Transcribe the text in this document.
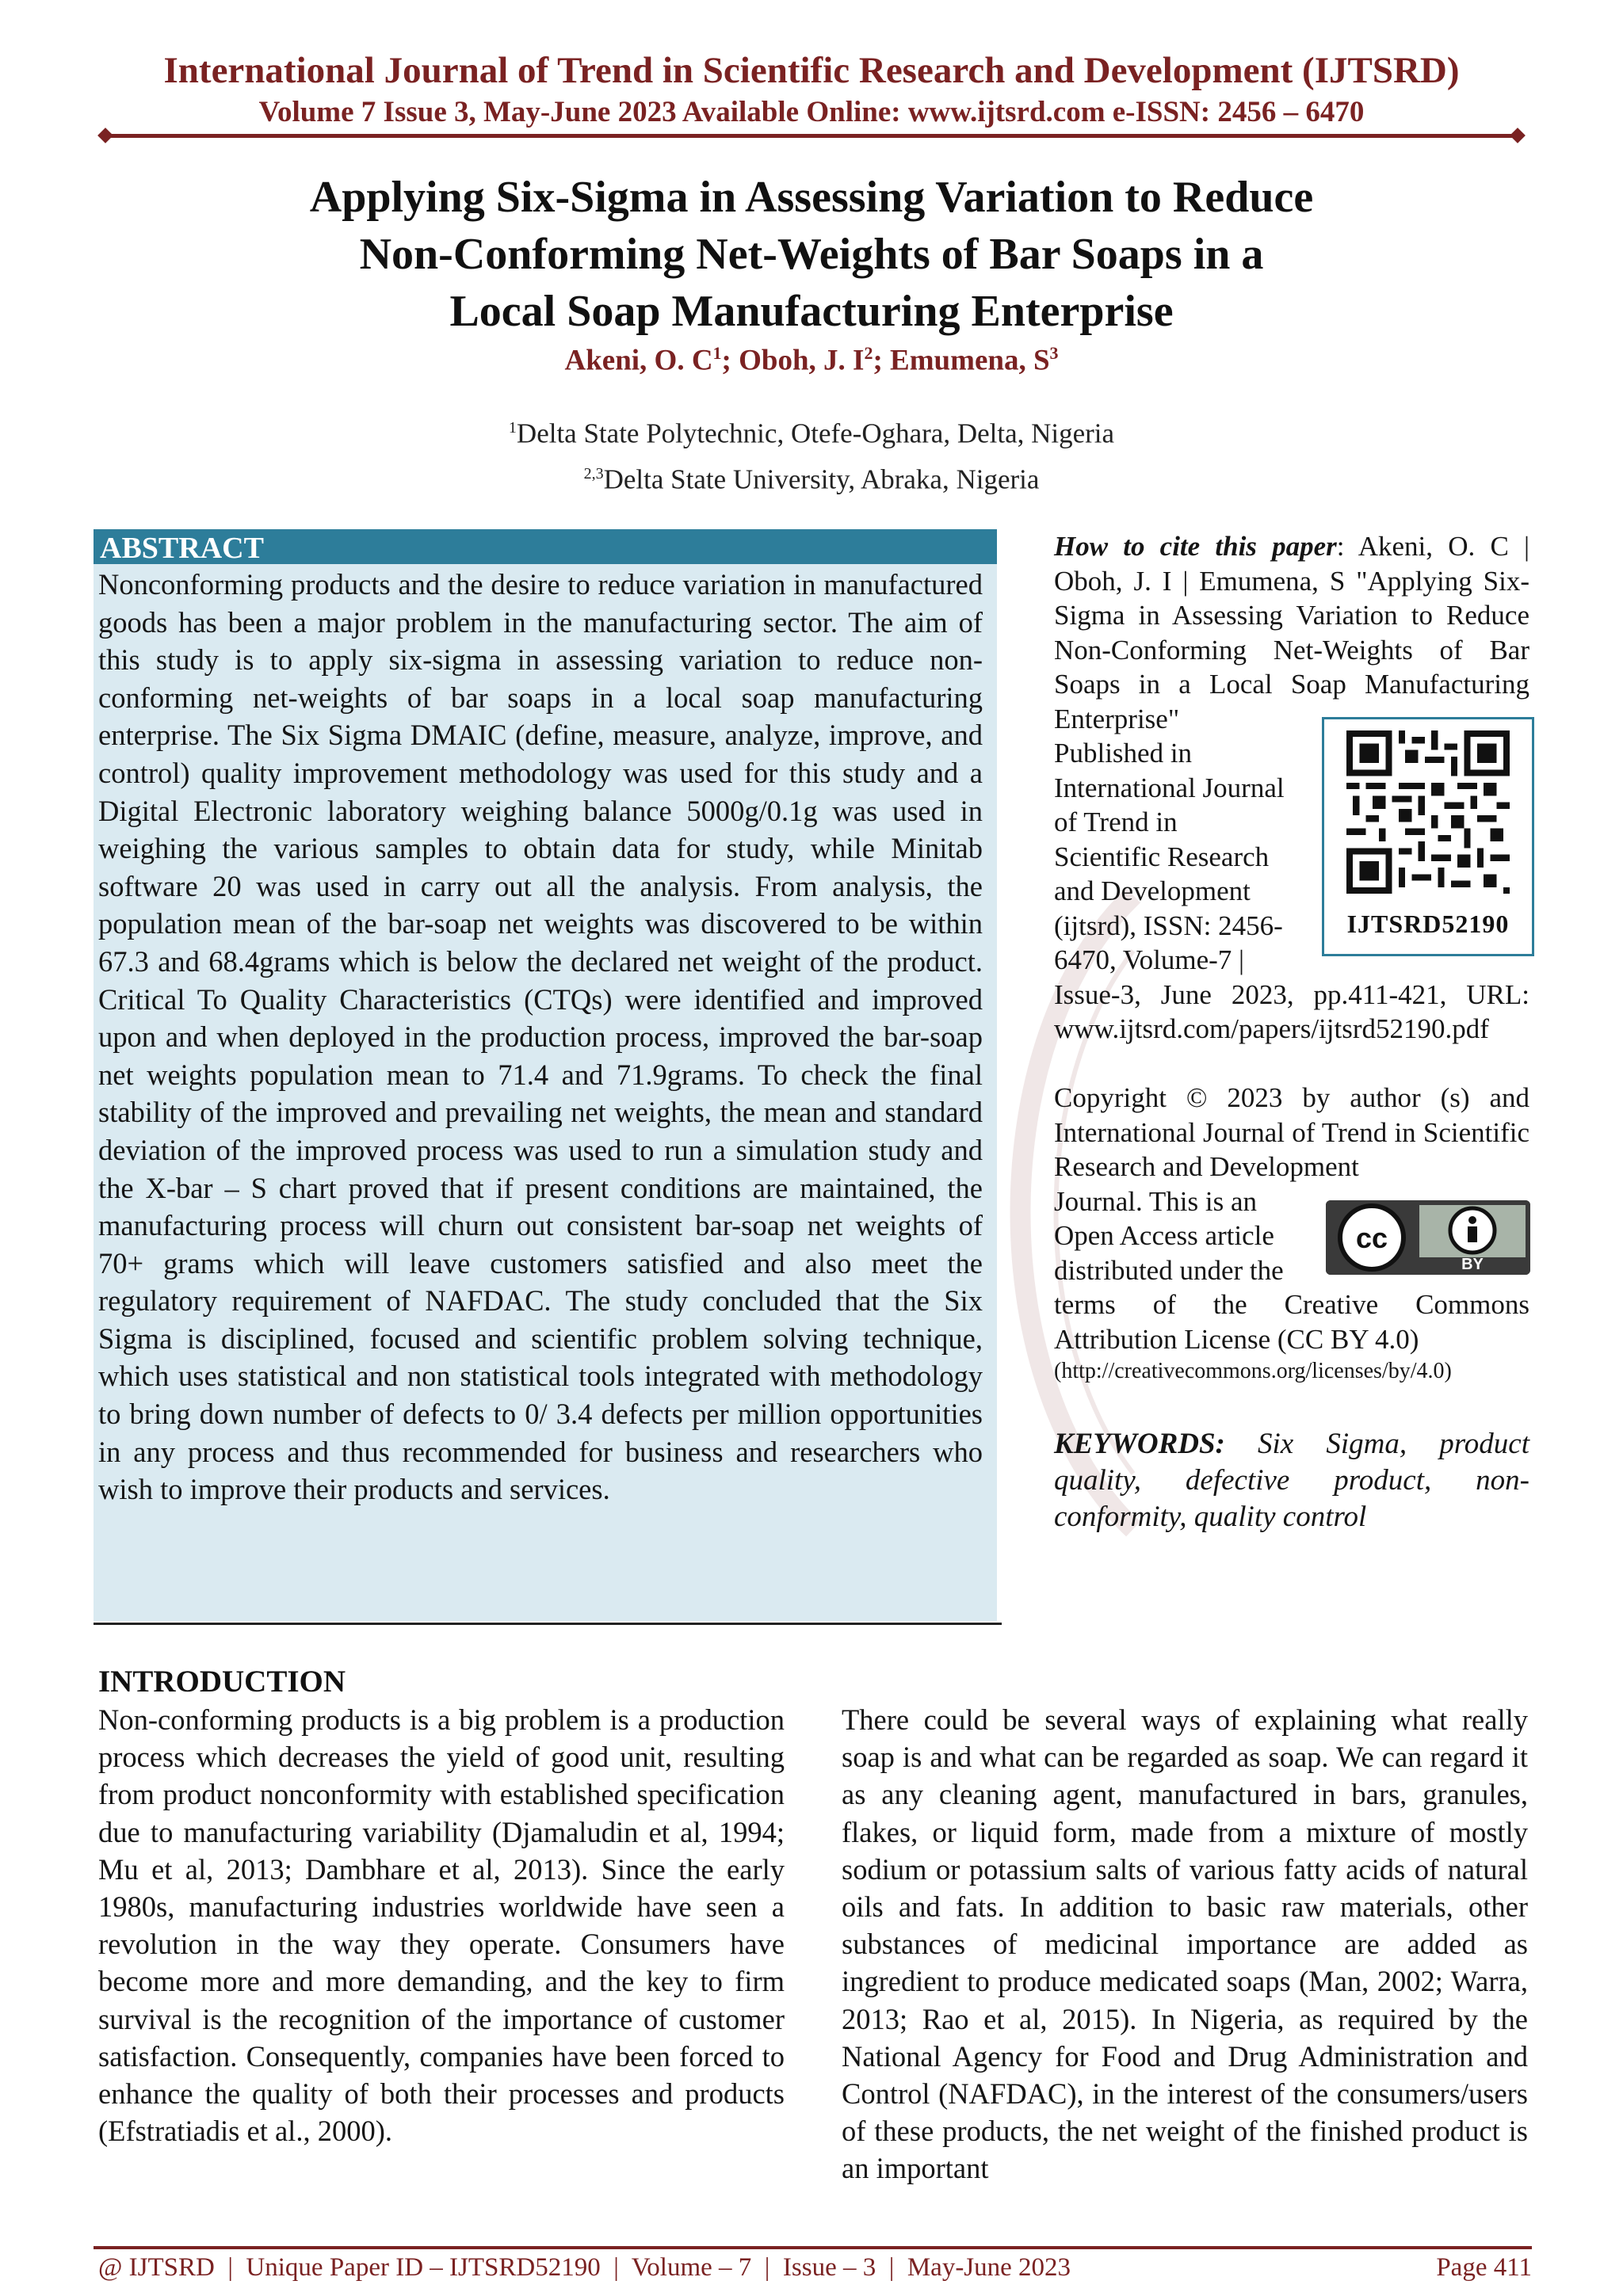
International Journal of Trend in Scientific Research and Development (IJTSRD)
Volume 7 Issue 3, May-June 2023 Available Online: www.ijtsrd.com e-ISSN: 2456 – 6470
Applying Six-Sigma in Assessing Variation to Reduce
Non-Conforming Net-Weights of Bar Soaps in a
Local Soap Manufacturing Enterprise
Akeni, O. $C^1$; Oboh, J. $I^2$; Emumena, $S^3$
$^1$Delta State Polytechnic, Otefe-Oghara, Delta, Nigeria
$^{2,3}$Delta State University, Abraka, Nigeria
ABSTRACT
Nonconforming products and the desire to reduce variation in manufactured goods has been a major problem in the manufacturing sector. The aim of this study is to apply six-sigma in assessing variation to reduce non-conforming net-weights of bar soaps in a local soap manufacturing enterprise. The Six Sigma DMAIC (define, measure, analyze, improve, and control) quality improvement methodology was used for this study and a Digital Electronic laboratory weighing balance 5000g/0.1g was used in weighing the various samples to obtain data for study, while Minitab software 20 was used in carry out all the analysis. From analysis, the population mean of the bar-soap net weights was discovered to be within 67.3 and 68.4grams which is below the declared net weight of the product. Critical To Quality Characteristics (CTQs) were identified and improved upon and when deployed in the production process, improved the bar-soap net weights population mean to 71.4 and 71.9grams. To check the final stability of the improved and prevailing net weights, the mean and standard deviation of the improved process was used to run a simulation study and the X-bar – S chart proved that if present conditions are maintained, the manufacturing process will churn out consistent bar-soap net weights of 70+ grams which will leave customers satisfied and also meet the regulatory requirement of NAFDAC. The study concluded that the Six Sigma is disciplined, focused and scientific problem solving technique, which uses statistical and non statistical tools integrated with methodology to bring down number of defects to 0/ 3.4 defects per million opportunities in any process and thus recommended for business and researchers who wish to improve their products and services.
How to cite this paper: Akeni, O. C | Oboh, J. I | Emumena, S "Applying Six-Sigma in Assessing Variation to Reduce Non-Conforming Net-Weights of Bar Soaps in a Local Soap Manufacturing Enterprise"
Published in
International Journal
of Trend in
Scientific Research
and Development
(ijtsrd), ISSN: 2456-
6470, Volume-7 |
Issue-3, June 2023, pp.411-421, URL: www.ijtsrd.com/papers/ijtsrd52190.pdf
IJTSRD52190
Copyright © 2023 by author (s) and International Journal of Trend in Scientific Research and Development
Journal. This is an
Open Access article
distributed under the
terms of the Creative Commons Attribution License (CC BY 4.0)
(http://creativecommons.org/licenses/by/4.0)
cc
BY
KEYWORDS: Six Sigma, product quality, defective product, non-conformity, quality control
INTRODUCTION
Non-conforming products is a big problem is a production process which decreases the yield of good unit, resulting from product nonconformity with established specification due to manufacturing variability (Djamaludin et al, 1994; Mu et al, 2013; Dambhare et al, 2013). Since the early 1980s, manufacturing industries worldwide have seen a revolution in the way they operate. Consumers have become more and more demanding, and the key to firm survival is the recognition of the importance of customer satisfaction. Consequently, companies have been forced to enhance the quality of both their processes and products (Efstratiadis et al., 2000).
There could be several ways of explaining what really soap is and what can be regarded as soap. We can regard it as any cleaning agent, manufactured in bars, granules, flakes, or liquid form, made from a mixture of mostly sodium or potassium salts of various fatty acids of natural oils and fats. In addition to basic raw materials, other substances of medicinal importance are added as ingredient to produce medicated soaps (Man, 2002; Warra, 2013; Rao et al, 2015). In Nigeria, as required by the National Agency for Food and Drug Administration and Control (NAFDAC), in the interest of the consumers/users of these products, the net weight of the finished product is an important
@ IJTSRD  |  Unique Paper ID – IJTSRD52190  |  Volume – 7  |  Issue – 3  |  May-June 2023	Page 411
